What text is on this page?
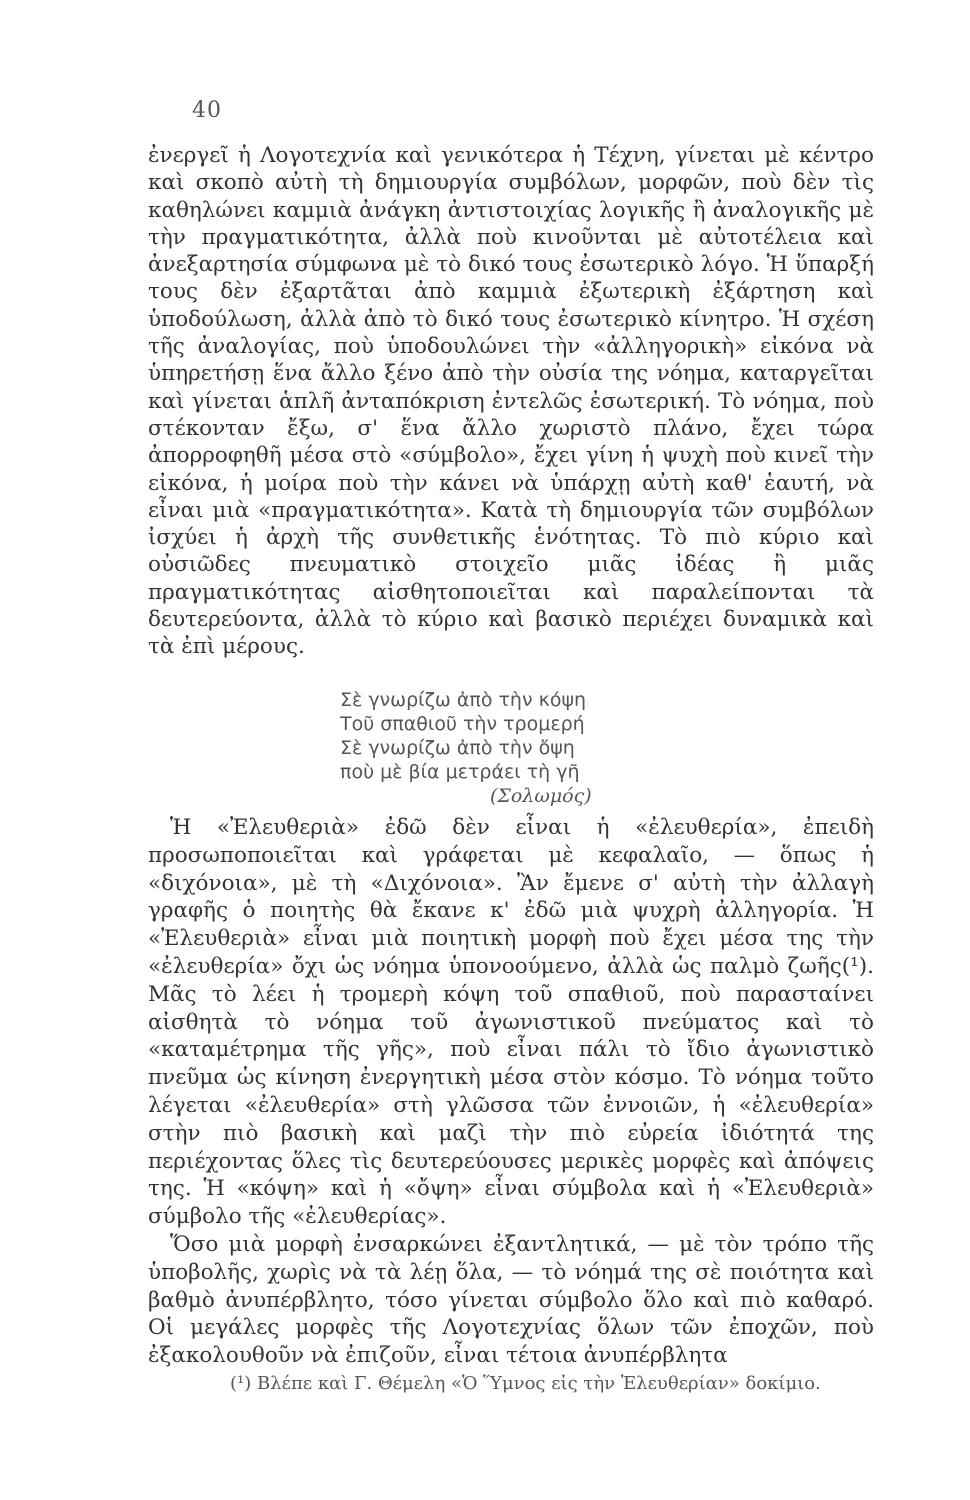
40

ἐνεργεῖ ἡ Λογοτεχνία καὶ γενικότερα ἡ Τέχνη, γίνεται μὲ κέντρο καὶ σκοπὸ αὐτὴ τὴ δημιουργία συμβόλων, μορφῶν, ποὺ δὲν τὶς καθηλώνει καμμιὰ ἀνάγκη ἀντιστοιχίας λογικῆς ἢ ἀναλογικῆς μὲ τὴν πραγματικότητα, ἀλλὰ ποὺ κινοῦνται μὲ αὐτοτέλεια καὶ ἀνεξαρτησία σύμφωνα μὲ τὸ δικό τους ἐσωτερικὸ λόγο. Ἡ ὕπαρξή τους δὲν ἐξαρτᾶται ἀπὸ καμμιὰ ἐξωτερικὴ ἐξάρτηση καὶ ὑποδούλωση, ἀλλὰ ἀπὸ τὸ δικό τους ἐσωτερικὸ κίνητρο. Ἡ σχέση τῆς ἀναλογίας, ποὺ ὑποδουλώνει τὴν «ἀλληγορικὴ» εἰκόνα νὰ ὑπηρετήσῃ ἕνα ἄλλο ξένο ἀπὸ τὴν οὐσία της νόημα, καταργεῖται καὶ γίνεται ἁπλῆ ἀνταπόκριση ἐντελῶς ἐσωτερική. Τὸ νόημα, ποὺ στέκονταν ἔξω, σ' ἕνα ἄλλο χωριστὸ πλάνο, ἔχει τώρα ἀπορροφηθῆ μέσα στὸ «σύμβολο», ἔχει γίνη ἡ ψυχὴ ποὺ κινεῖ τὴν εἰκόνα, ἡ μοίρα ποὺ τὴν κάνει νὰ ὑπάρχῃ αὐτὴ καθ' ἑαυτή, νὰ εἶναι μιὰ «πραγματικότητα». Κατὰ τὴ δημιουργία τῶν συμβόλων ἰσχύει ἡ ἀρχὴ τῆς συνθετικῆς ἑνότητας. Τὸ πιὸ κύριο καὶ οὐσιῶδες πνευματικὸ στοιχεῖο μιᾶς ἰδέας ἢ μιᾶς πραγματικότητας αἰσθητοποιεῖται καὶ παραλείπονται τὰ δευτερεύοντα, ἀλλὰ τὸ κύριο καὶ βασικὸ περιέχει δυναμικὰ καὶ τὰ ἐπὶ μέρους.

Σὲ γνωρίζω ἀπὸ τὴν κόψη
Τοῦ σπαθιοῦ τὴν τρομερή
Σὲ γνωρίζω ἀπὸ τὴν ὄψη
ποὺ μὲ βία μετράει τὴ γῆ
(Σολωμός)

Ἡ «Ἐλευθεριὰ» ἐδῶ δὲν εἶναι ἡ «ἐλευθερία», ἐπειδὴ προσωποποιεῖται καὶ γράφεται μὲ κεφαλαῖο, — ὅπως ἡ «διχόνοια», μὲ τὴ «Διχόνοια». Ἂν ἔμενε σ' αὐτὴ τὴν ἀλλαγὴ γραφῆς ὁ ποιητὴς θὰ ἔκανε κ' ἐδῶ μιὰ ψυχρὴ ἀλληγορία. Ἡ «Ἐλευθεριὰ» εἶναι μιὰ ποιητικὴ μορφὴ ποὺ ἔχει μέσα της τὴν «ἐλευθερία» ὄχι ὡς νόημα ὑπονοούμενο, ἀλλὰ ὡς παλμὸ ζωῆς(¹). Μᾶς τὸ λέει ἡ τρομερὴ κόψη τοῦ σπαθιοῦ, ποὺ παρασταίνει αἰσθητὰ τὸ νόημα τοῦ ἀγωνιστικοῦ πνεύματος καὶ τὸ «καταμέτρημα τῆς γῆς», ποὺ εἶναι πάλι τὸ ἴδιο ἀγωνιστικὸ πνεῦμα ὡς κίνηση ἐνεργητικὴ μέσα στὸν κόσμο. Τὸ νόημα τοῦτο λέγεται «ἐλευθερία» στὴ γλῶσσα τῶν ἐννοιῶν, ἡ «ἐλευθερία» στὴν πιὸ βασικὴ καὶ μαζὶ τὴν πιὸ εὐρεία ἰδιότητά της περιέχοντας ὅλες τὶς δευτερεύουσες μερικὲς μορφὲς καὶ ἀπόψεις της. Ἡ «κόψη» καὶ ἡ «ὄψη» εἶναι σύμβολα καὶ ἡ «Ἐλευθεριὰ» σύμβολο τῆς «ἐλευθερίας».

Ὅσο μιὰ μορφὴ ἐνσαρκώνει ἐξαντλητικά, — μὲ τὸν τρόπο τῆς ὑποβολῆς, χωρὶς νὰ τὰ λέῃ ὅλα, — τὸ νόημά της σὲ ποιότητα καὶ βαθμὸ ἀνυπέρβλητο, τόσο γίνεται σύμβολο ὅλο καὶ πιὸ καθαρό. Οἱ μεγάλες μορφὲς τῆς Λογοτεχνίας ὅλων τῶν ἐποχῶν, ποὺ ἐξακολουθοῦν νὰ ἐπιζοῦν, εἶναι τέτοια ἀνυπέρβλητα

(¹) Βλέπε καὶ Γ. Θέμελη «Ὁ Ὕμνος εἰς τὴν Ἐλευθερίαν» δοκίμιο.
